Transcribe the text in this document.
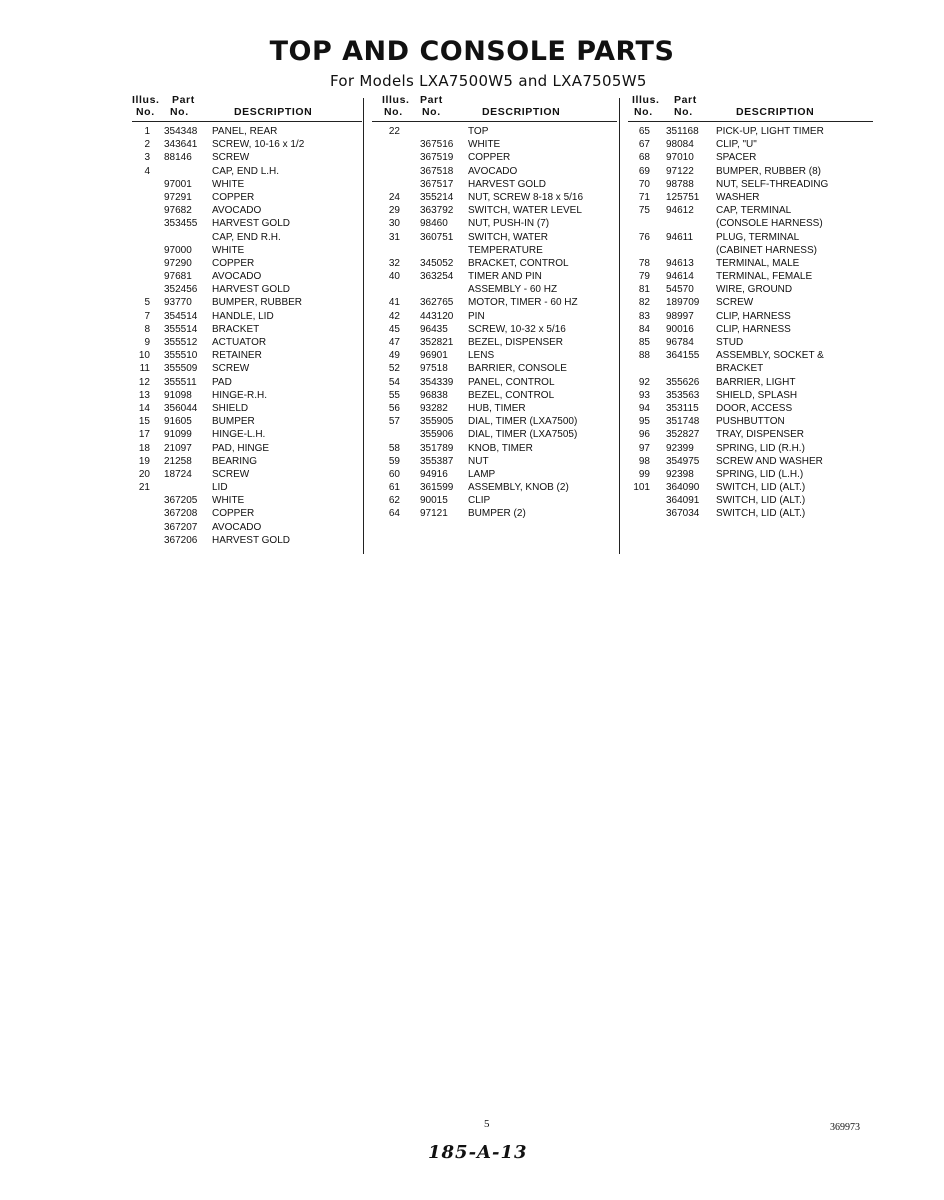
TOP AND CONSOLE PARTS
For Models LXA7500W5 and LXA7505W5
Illus. Part
No. No.	DESCRIPTION
1 354348 PANEL, REAR
2 343641 SCREW, 10-16 x 1/2
3 88146 SCREW
4	CAP, END L.H.
97001 WHITE
97291 COPPER
97682 AVOCADO
353455 HARVEST GOLD
CAP, END R.H.
97000 WHITE
97290 COPPER
97681 AVOCADO
352456 HARVEST GOLD
5 93770 BUMPER, RUBBER
7 354514 HANDLE, LID
8 355514 BRACKET
9 355512 ACTUATOR
10 355510 RETAINER
11 355509 SCREW
12 355511 PAD
13 91098 HINGE-R.H.
14 356044 SHIELD
15 91605 BUMPER
17 91099 HINGE-L.H.
18 21097 PAD, HINGE
19 21258 BEARING
20 18724 SCREW
21	LID
367205 WHITE
367208 COPPER
367207 AVOCADO
367206 HARVEST GOLD
Illus. Part
No. No.	DESCRIPTION
22	TOP
367516 WHITE
367519 COPPER
367518 AVOCADO
367517 HARVEST GOLD
24 355214 NUT, SCREW 8-18 x 5/16
29 363792 SWITCH, WATER LEVEL
30 98460 NUT, PUSH-IN (7)
31 360751 SWITCH, WATER
TEMPERATURE
32 345052 BRACKET, CONTROL
40 363254 TIMER AND PIN
ASSEMBLY - 60 HZ
41 362765 MOTOR, TIMER - 60 HZ
42 443120 PIN
45 96435 SCREW, 10-32 x 5/16
47 352821 BEZEL, DISPENSER
49 96901 LENS
52 97518 BARRIER, CONSOLE
54 354339 PANEL, CONTROL
55 96838 BEZEL, CONTROL
56 93282 HUB, TIMER
57 355905 DIAL, TIMER (LXA7500)
355906 DIAL, TIMER (LXA7505)
58 351789 KNOB, TIMER
59 355387 NUT
60 94916 LAMP
61 361599 ASSEMBLY, KNOB (2)
62 90015 CLIP
64 97121 BUMPER (2)
Illus. Part
No. No.	DESCRIPTION
65 351168 PICK-UP, LIGHT TIMER
67 98084 CLIP, "U"
68 97010 SPACER
69 97122 BUMPER, RUBBER (8)
70 98788 NUT, SELF-THREADING
71 125751 WASHER
75 94612 CAP, TERMINAL
(CONSOLE HARNESS)
76 94611 PLUG, TERMINAL
(CABINET HARNESS)
78 94613 TERMINAL, MALE
79 94614 TERMINAL, FEMALE
81 54570 WIRE, GROUND
82 189709 SCREW
83 98997 CLIP, HARNESS
84 90016 CLIP, HARNESS
85 96784 STUD
88 364155 ASSEMBLY, SOCKET &
BRACKET
92 355626 BARRIER, LIGHT
93 353563 SHIELD, SPLASH
94 353115 DOOR, ACCESS
95 351748 PUSHBUTTON
96 352827 TRAY, DISPENSER
97 92399 SPRING, LID (R.H.)
98 354975 SCREW AND WASHER
99 92398 SPRING, LID (L.H.)
101 364090 SWITCH, LID (ALT.)
364091 SWITCH, LID (ALT.)
367034 SWITCH, LID (ALT.)
5	369973
185-A-13
